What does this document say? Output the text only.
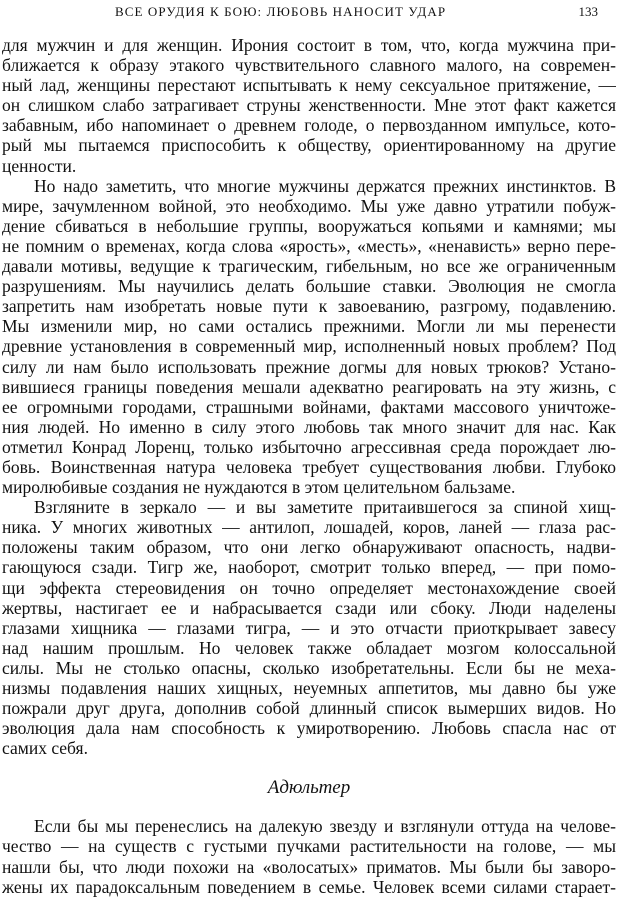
ВСЕ ОРУДИЯ К БОЮ: ЛЮБОВЬ НАНОСИТ УДАР	133
для мужчин и для женщин. Ирония состоит в том, что, когда мужчина при-
ближается к образу этакого чувствительного славного малого, на современ-
ный лад, женщины перестают испытывать к нему сексуальное притяжение, —
он слишком слабо затрагивает струны женственности. Мне этот факт кажется
забавным, ибо напоминает о древнем голоде, о первозданном импульсе, кото-
рый мы пытаемся приспособить к обществу, ориентированному на другие
ценности.
Но надо заметить, что многие мужчины держатся прежних инстинктов. В
мире, зачумленном войной, это необходимо. Мы уже давно утратили побуж-
дение сбиваться в небольшие группы, вооружаться копьями и камнями; мы
не помним о временах, когда слова «ярость», «месть», «ненависть» верно пере-
давали мотивы, ведущие к трагическим, гибельным, но все же ограниченным
разрушениям. Мы научились делать большие ставки. Эволюция не смогла
запретить нам изобретать новые пути к завоеванию, разгрому, подавлению.
Мы изменили мир, но сами остались прежними. Могли ли мы перенести
древние установления в современный мир, исполненный новых проблем? Под
силу ли нам было использовать прежние догмы для новых трюков? Устано-
вившиеся границы поведения мешали адекватно реагировать на эту жизнь, с
ее огромными городами, страшными войнами, фактами массового уничтоже-
ния людей. Но именно в силу этого любовь так много значит для нас. Как
отметил Конрад Лоренц, только избыточно агрессивная среда порождает лю-
бовь. Воинственная натура человека требует существования любви. Глубоко
миролюбивые создания не нуждаются в этом целительном бальзаме.
Взгляните в зеркало — и вы заметите притаившегося за спиной хищ-
ника. У многих животных — антилоп, лошадей, коров, ланей — глаза рас-
положены таким образом, что они легко обнаруживают опасность, надви-
гающуюся сзади. Тигр же, наоборот, смотрит только вперед, — при помо-
щи эффекта стереовидения он точно определяет местонахождение своей
жертвы, настигает ее и набрасывается сзади или сбоку. Люди наделены
глазами хищника — глазами тигра, — и это отчасти приоткрывает завесу
над нашим прошлым. Но человек также обладает мозгом колоссальной
силы. Мы не столько опасны, сколько изобретательны. Если бы не меха-
низмы подавления наших хищных, неуемных аппетитов, мы давно бы уже
пожрали друг друга, дополнив собой длинный список вымерших видов. Но
эволюция дала нам способность к умиротворению. Любовь спасла нас от
самих себя.
Адюльтер
Если бы мы перенеслись на далекую звезду и взглянули оттуда на челове-
чество — на существ с густыми пучками растительности на голове, — мы
нашли бы, что люди похожи на «волосатых» приматов. Мы были бы заворо-
жены их парадоксальным поведением в семье. Человек всеми силами старает-
